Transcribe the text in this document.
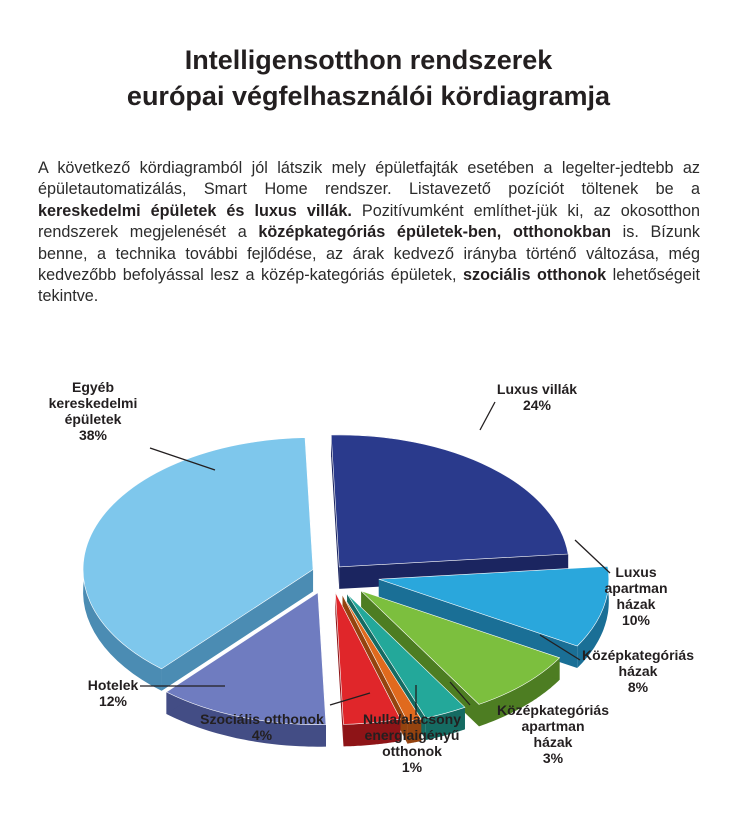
Intelligensotthon rendszerek
európai végfelhasználói kördiagramja
A következő kördiagramból jól látszik mely épületfajták esetében a legelter-jedtebb az épületautomatizálás, Smart Home rendszer. Listavezető pozíciót töltenek be a kereskedelmi épületek és luxus villák. Pozitívumként említhet-jük ki, az okosotthon rendszerek megjelenését a középkategóriás épületek-ben, otthonokban is. Bízunk benne, a technika további fejlődése, az árak kedvező irányba történő változása, még kedvezőbb befolyással lesz a közép-kategóriás épületek, szociális otthonok lehetőségeit tekintve.
Luxus villák 24%
Luxus apartman házak 10%
Középkategóriás házak 8%
Középkategóriás apartman házak 3%
Nulla/alacsony energiaigényű otthonok 1%
Szociális otthonok 4%
Hotelek 12%
Egyéb kereskedelmi épületek 38%
